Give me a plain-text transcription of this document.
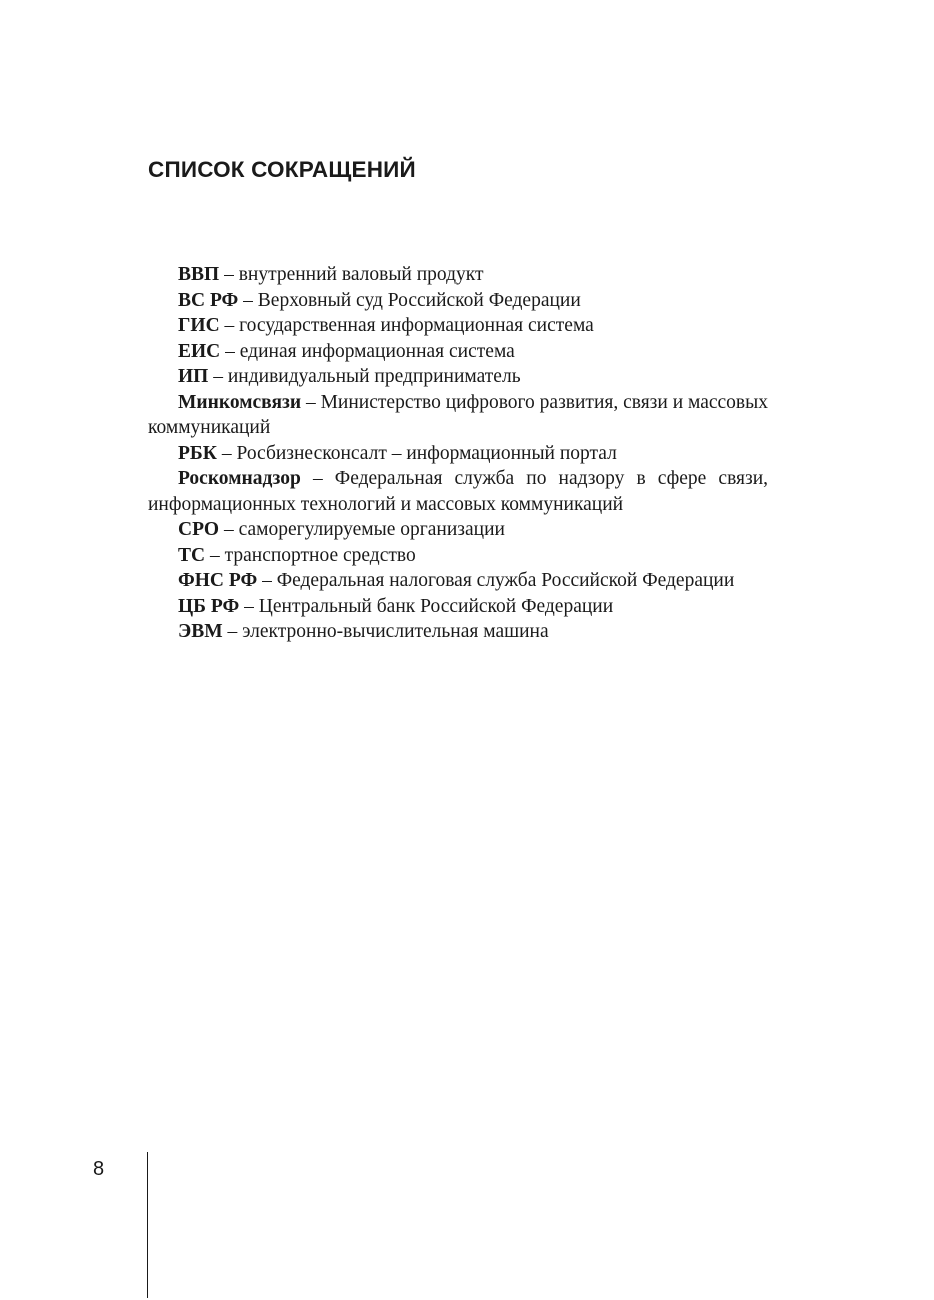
СПИСОК СОКРАЩЕНИЙ
ВВП – внутренний валовый продукт
ВС РФ – Верховный суд Российской Федерации
ГИС – государственная информационная система
ЕИС – единая информационная система
ИП – индивидуальный предприниматель
Минкомсвязи – Министерство цифрового развития, связи и массовых коммуникаций
РБК – Росбизнесконсалт – информационный портал
Роскомнадзор – Федеральная служба по надзору в сфере связи, информационных технологий и массовых коммуникаций
СРО – саморегулируемые организации
ТС – транспортное средство
ФНС РФ – Федеральная налоговая служба Российской Федерации
ЦБ РФ – Центральный банк Российской Федерации
ЭВМ – электронно-вычислительная машина
8
